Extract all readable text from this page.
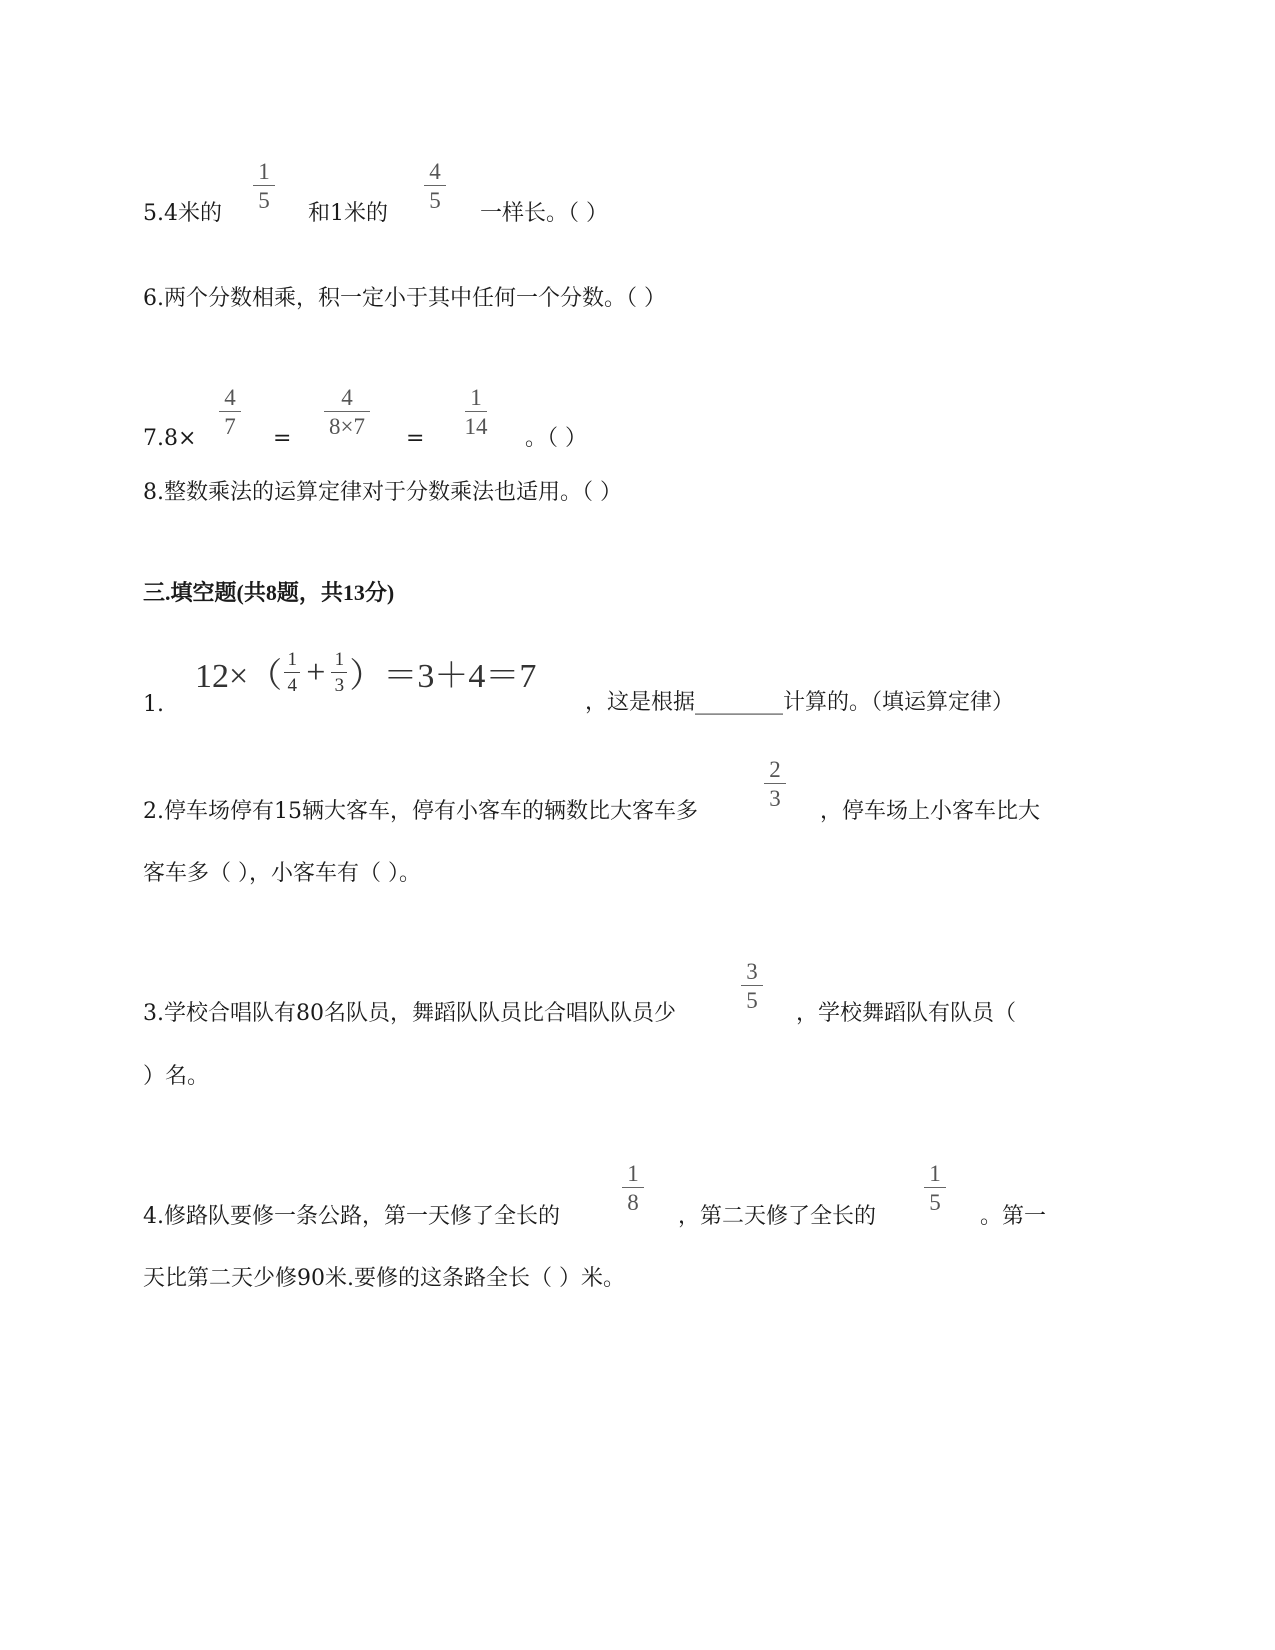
5.4米的
1
5
和1米的
4
5
一样长。（ ）
6.两个分数相乘，积一定小于其中任何一个分数。（ ）
7.8×
4
7 =
4
8×7 =
1
14 。（ ）
8.整数乘法的运算定律对于分数乘法也适用。（ ）
三.填空题(共8题，共13分)
1.
12×（ 1
4 + 1
3 ）＝3＋4＝7
，这是根据________计算的。（填运算定律）
2.停车场停有15辆大客车，停有小客车的辆数比大客车多
2
3
，停车场上小客车比大
客车多（ ），小客车有（ ）。
3.学校合唱队有80名队员，舞蹈队队员比合唱队队员少
3
5
，学校舞蹈队有队员（
）名。
4.修路队要修一条公路，第一天修了全长的
1
8
，第二天修了全长的
1
5
。第一
天比第二天少修90米.要修的这条路全长（ ）米。
